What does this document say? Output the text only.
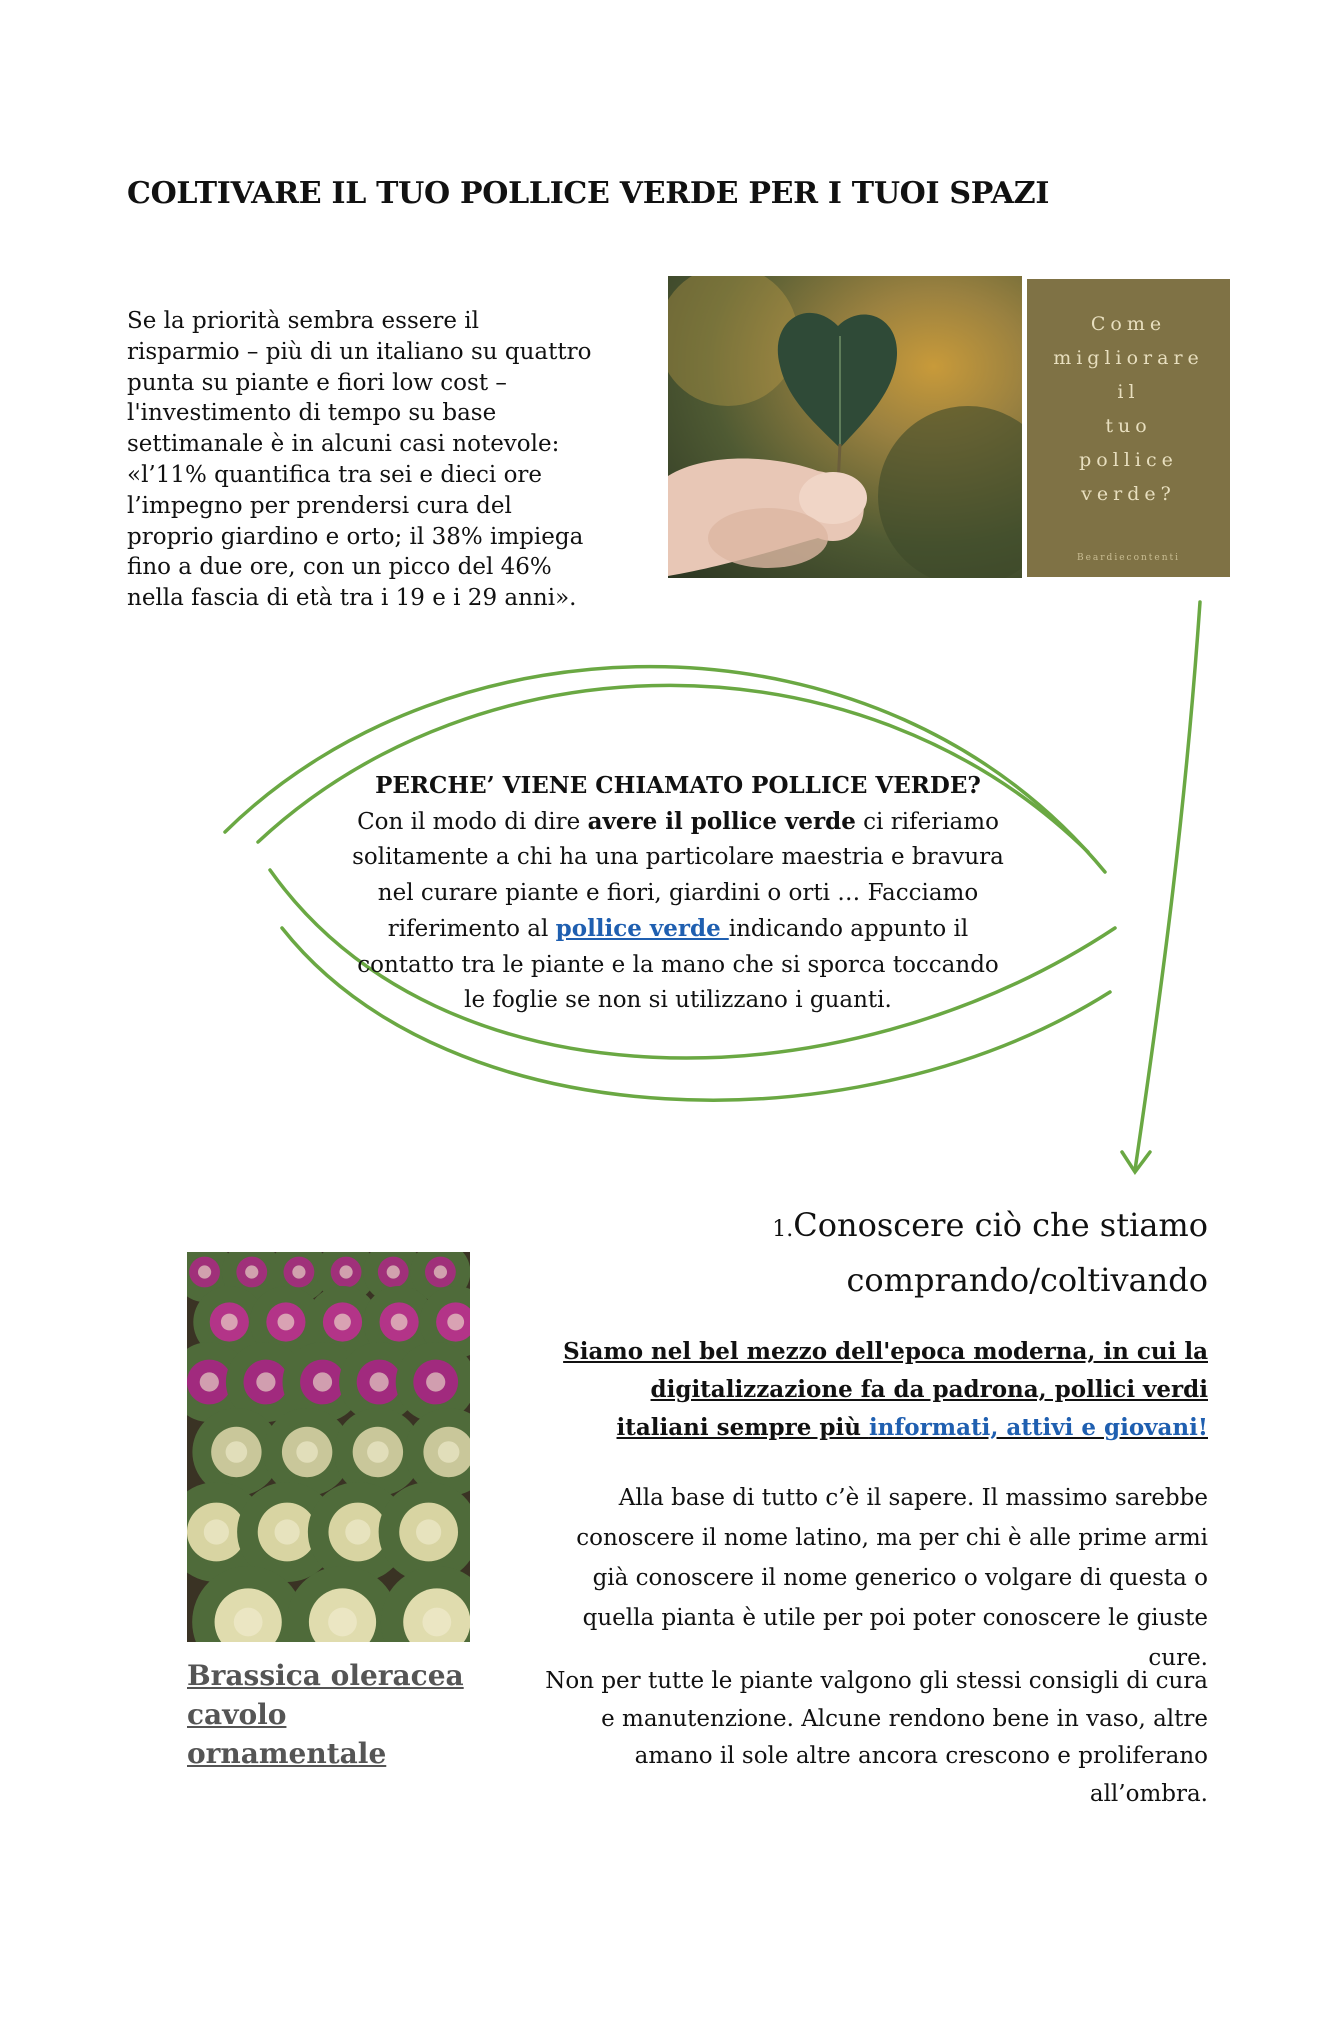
COLTIVARE IL TUO POLLICE VERDE PER I TUOI SPAZI
Se la priorità sembra essere il risparmio – più di un italiano su quattro punta su piante e fiori low cost – l'investimento di tempo su base settimanale è in alcuni casi notevole: «l’11% quantifica tra sei e dieci ore l’impegno per prendersi cura del proprio giardino e orto; il 38% impiega fino a due ore, con un picco del 46% nella fascia di età tra i 19 e i 29 anni».
Come
migliorare
il
tuo
pollice
verde?
Beardiecontenti
PERCHE’ VIENE CHIAMATO POLLICE VERDE?
Con il modo di dire avere il pollice verde ci riferiamo solitamente a chi ha una particolare maestria e bravura nel curare piante e fiori, giardini o orti … Facciamo riferimento al pollice verde indicando appunto il contatto tra le piante e la mano che si sporca toccando le foglie se non si utilizzano i guanti.
Brassica oleracea cavolo ornamentale
1.Conoscere ciò che stiamo comprando/coltivando
Siamo nel bel mezzo dell'epoca moderna, in cui la digitalizzazione fa da padrona, pollici verdi italiani sempre più informati, attivi e giovani!
Alla base di tutto c’è il sapere. Il massimo sarebbe conoscere il nome latino, ma per chi è alle prime armi già conoscere il nome generico o volgare di questa o quella pianta è utile per poi poter conoscere le giuste cure.
Non per tutte le piante valgono gli stessi consigli di cura e manutenzione. Alcune rendono bene in vaso, altre amano il sole altre ancora crescono e proliferano all’ombra.
